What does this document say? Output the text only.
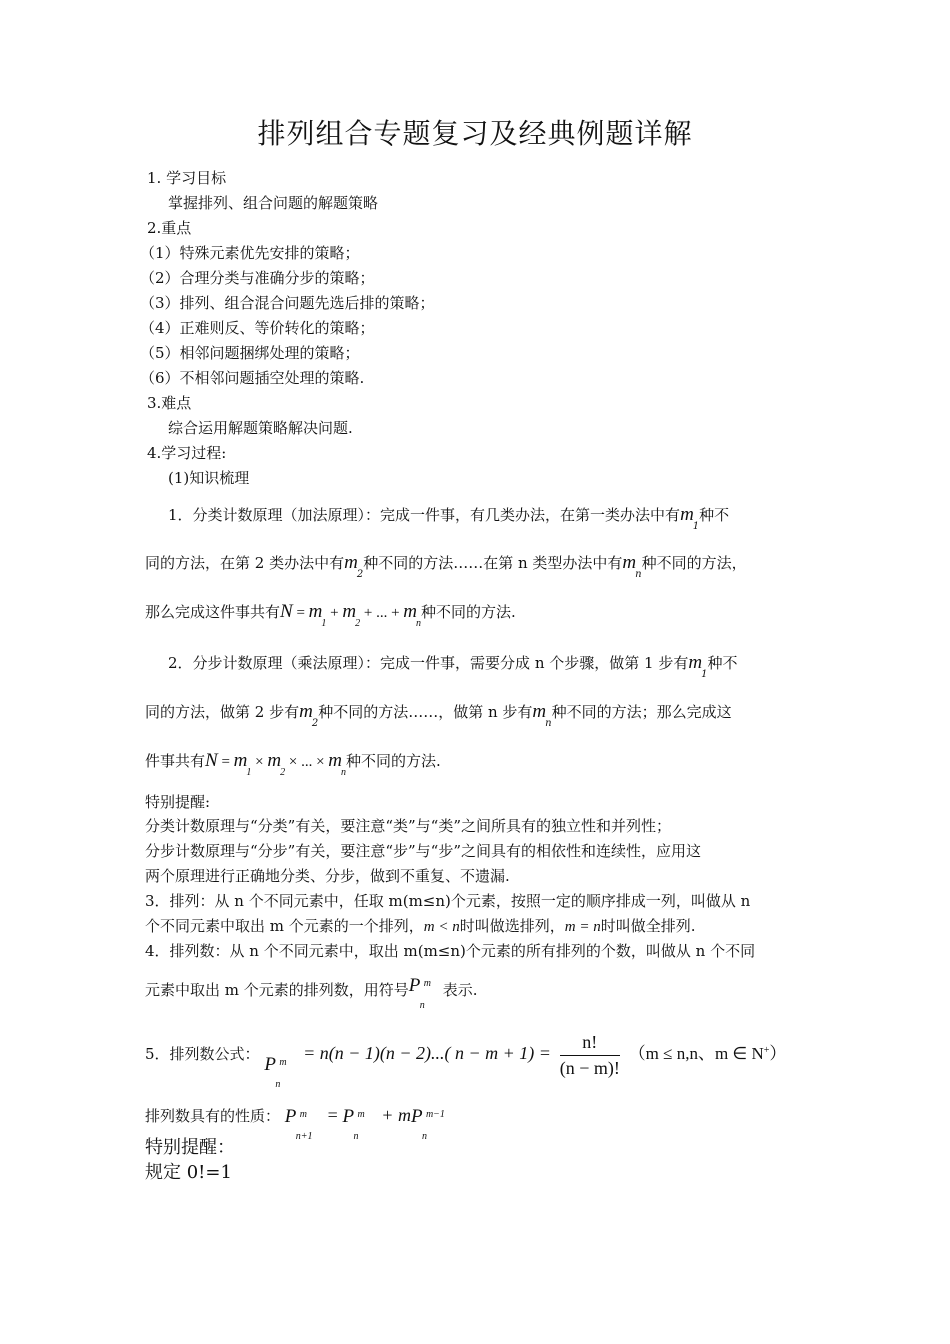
排列组合专题复习及经典例题详解
1. 学习目标
掌握排列、组合问题的解题策略
2.重点
（1）特殊元素优先安排的策略；
（2）合理分类与准确分步的策略；
（3）排列、组合混合问题先选后排的策略；
（4）正难则反、等价转化的策略；
（5）相邻问题捆绑处理的策略；
（6）不相邻问题插空处理的策略.
3.难点
综合运用解题策略解决问题.
4.学习过程:
(1)知识梳理
1．分类计数原理（加法原理）：完成一件事，有几类办法，在第一类办法中有$m_1$种不
同的方法，在第 2 类办法中有$m_2$种不同的方法……在第 n 类型办法中有$m_n$种不同的方法，
那么完成这件事共有$N = m_1 + m_2$ + ... + $m_n$种不同的方法.
2．分步计数原理（乘法原理）：完成一件事，需要分成 n 个步骤，做第 1 步有$m_1$种不
同的方法，做第 2 步有$m_2$种不同的方法……，做第 n 步有$m_n$种不同的方法；那么完成这
件事共有$N = m_1 \times m_2$ × ... × $m_n$种不同的方法.
特别提醒:
分类计数原理与“分类”有关，要注意“类”与“类”之间所具有的独立性和并列性；
分步计数原理与“分步”有关，要注意“步”与“步”之间具有的相依性和连续性，应用这
两个原理进行正确地分类、分步，做到不重复、不遗漏.
3．排列：从 n 个不同元素中，任取 m(m≤n)个元素，按照一定的顺序排成一列，叫做从 n
个不同元素中取出 m 个元素的一个排列，m < n时叫做选排列，m = n时叫做全排列.
4．排列数：从 n 个不同元素中，取出 m(m≤n)个元素的所有排列的个数，叫做从 n 个不同
元素中取出 m 个元素的排列数，用符号 P m
n
表示.
5．排列数公式： P m
n
= n(n − 1)(n − 2)...( $n - m + 1) = \frac{n!}{(n - m)!} (m \le n,n$、m ∈ N+）
排列数具有的性质： P m
n+1
= P m
n
+ m P m−1
n
特别提醒：
规定 0!=1
